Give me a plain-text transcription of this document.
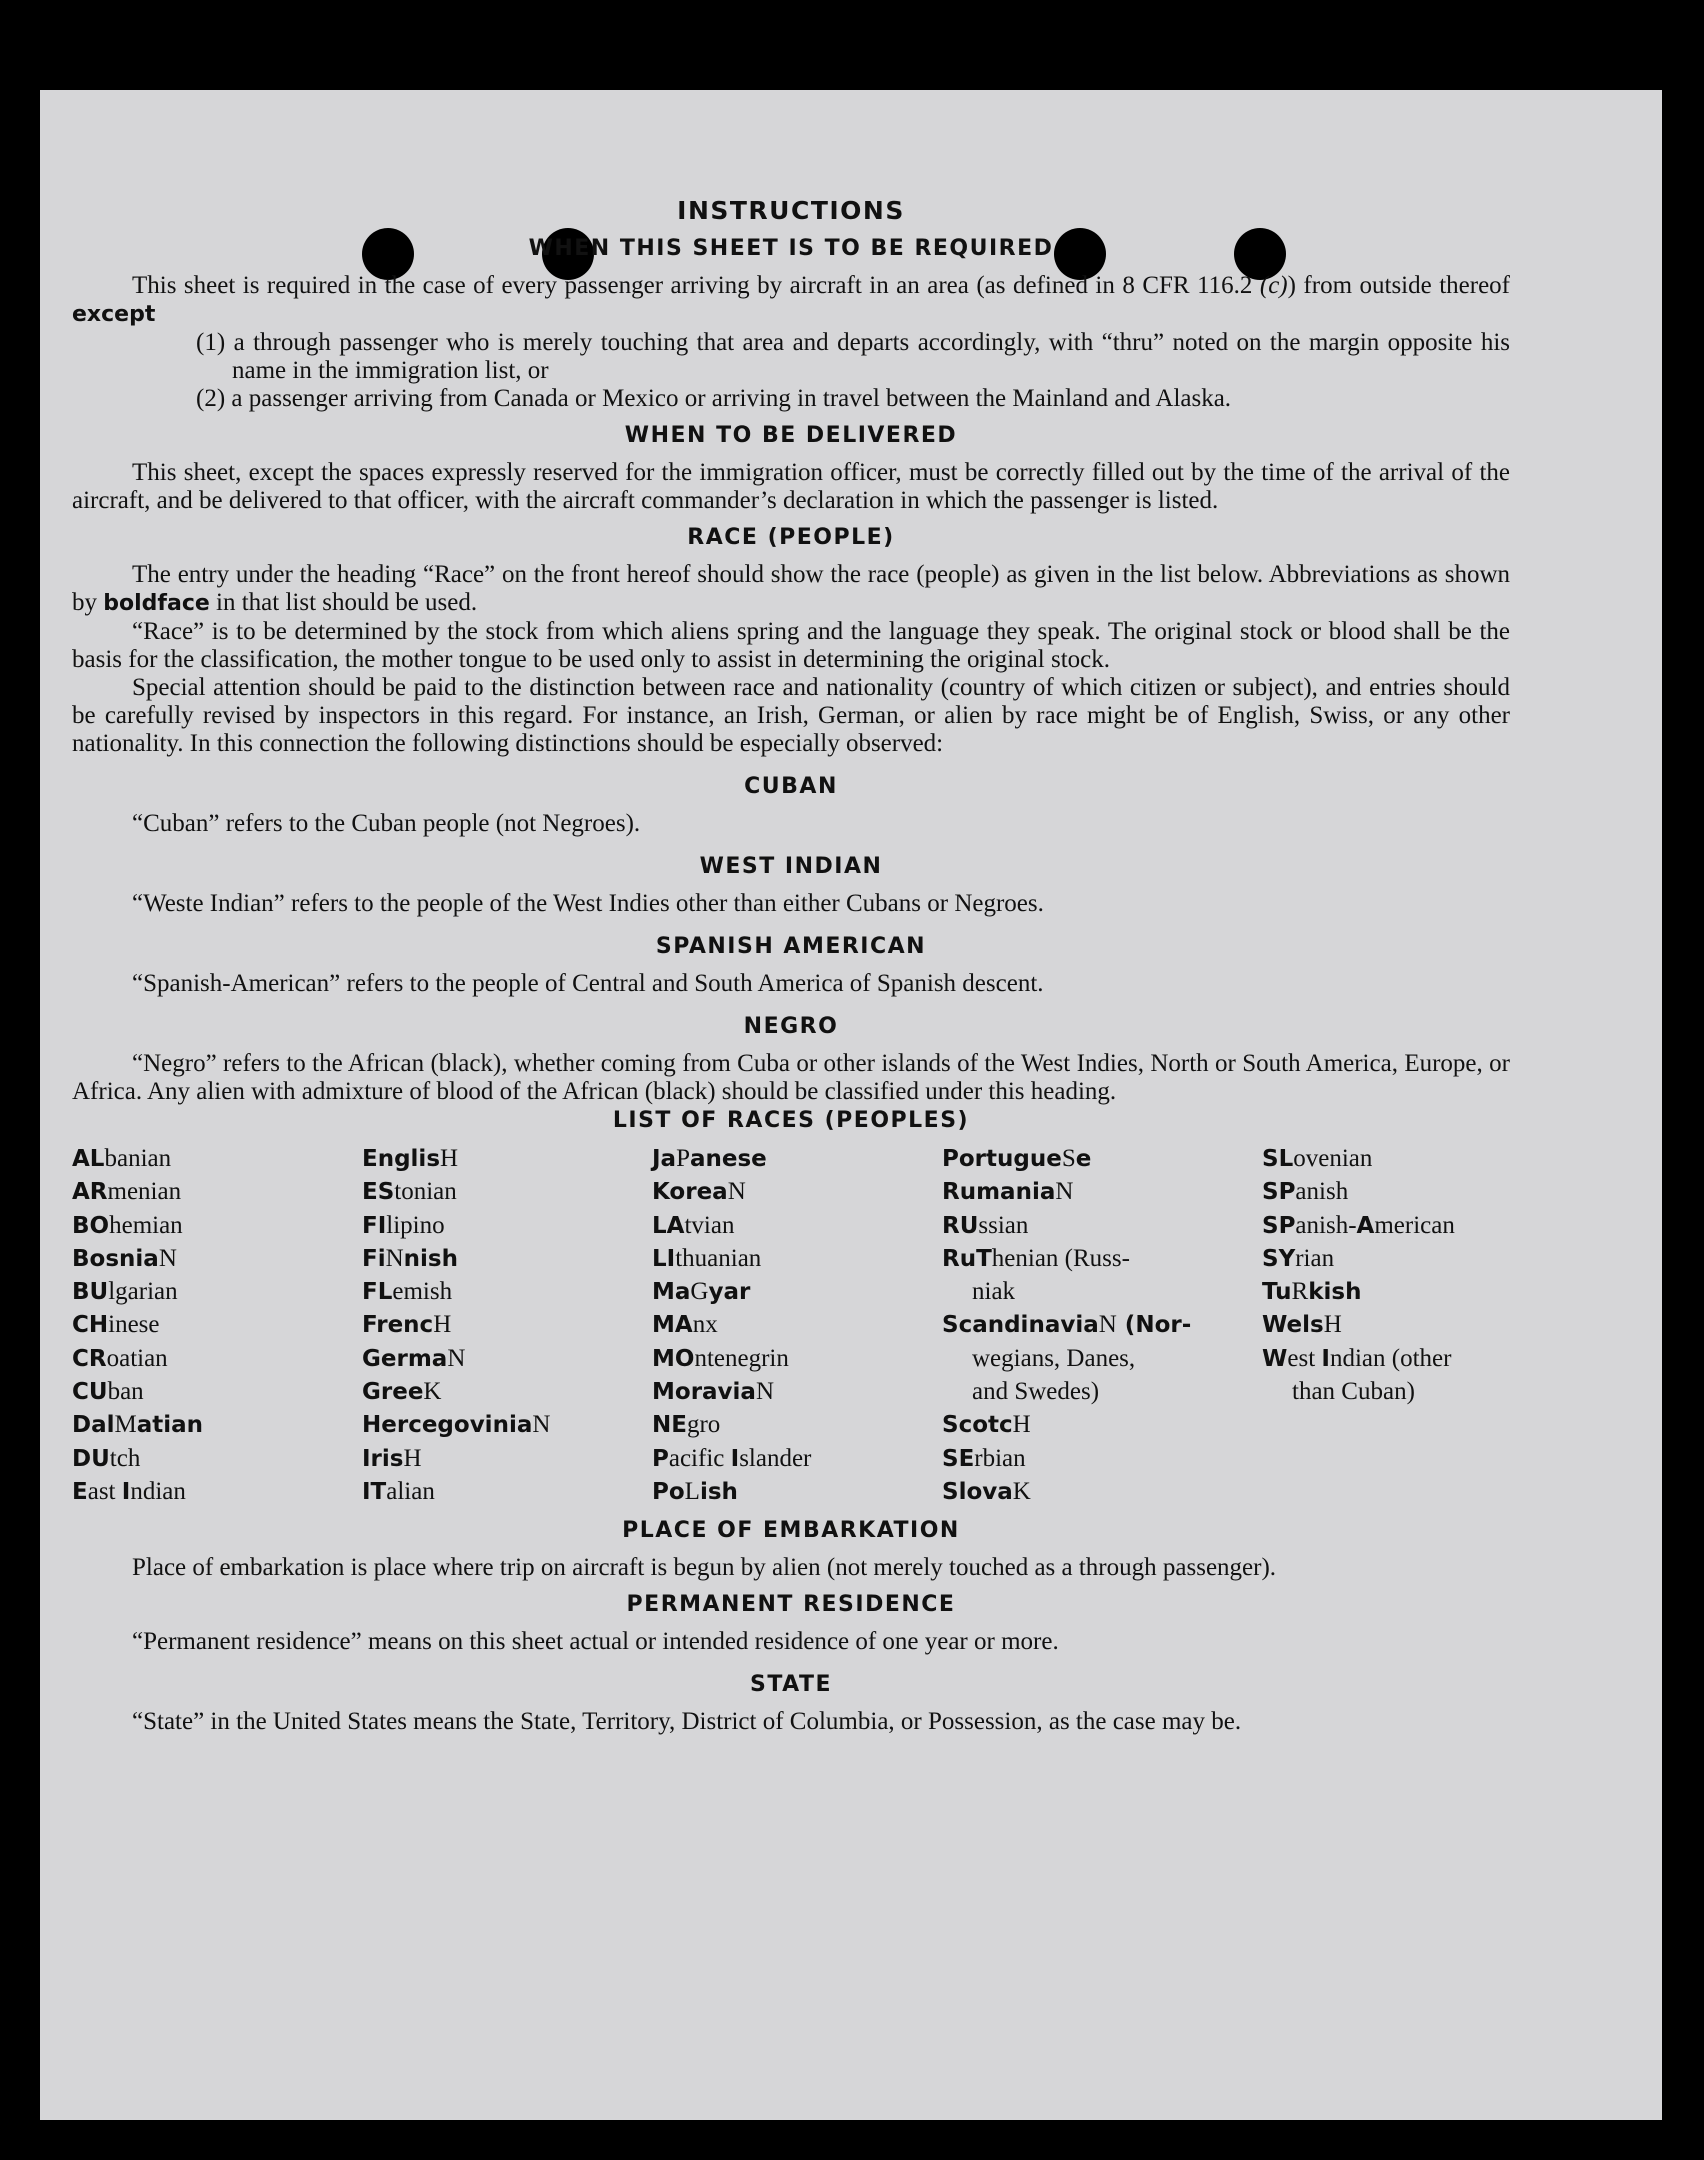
INSTRUCTIONS
WHEN THIS SHEET IS TO BE REQUIRED

This sheet is required in the case of every passenger arriving by aircraft in an area (as defined in 8 CFR 116.2 (c)) from outside thereof except

(1) a through passenger who is merely touching that area and departs accordingly, with “thru” noted on the margin opposite his name in the immigration list, or

(2) a passenger arriving from Canada or Mexico or arriving in travel between the Mainland and Alaska.

WHEN TO BE DELIVERED

This sheet, except the spaces expressly reserved for the immigration officer, must be correctly filled out by the time of the arrival of the aircraft, and be delivered to that officer, with the aircraft commander’s declaration in which the passenger is listed.

RACE (PEOPLE)

The entry under the heading “Race” on the front hereof should show the race (people) as given in the list below. Abbreviations as shown by boldface in that list should be used.

“Race” is to be determined by the stock from which aliens spring and the language they speak. The original stock or blood shall be the basis for the classification, the mother tongue to be used only to assist in determining the original stock.

Special attention should be paid to the distinction between race and nationality (country of which citizen or subject), and entries should be carefully revised by inspectors in this regard. For instance, an Irish, German, or alien by race might be of English, Swiss, or any other nationality. In this connection the following distinctions should be especially observed:

CUBAN

“Cuban” refers to the Cuban people (not Negroes).

WEST INDIAN

“Weste Indian” refers to the people of the West Indies other than either Cubans or Negroes.

SPANISH AMERICAN

“Spanish-American” refers to the people of Central and South America of Spanish descent.

NEGRO

“Negro” refers to the African (black), whether coming from Cuba or other islands of the West Indies, North or South America, Europe, or Africa. Any alien with admixture of blood of the African (black) should be classified under this heading.

LIST OF RACES (PEOPLES)
ALbanian
ARmenian
BOhemian
BosniaN
BUlgarian
CHinese
CRoatian
CUban
DalMatian
DUtch
East Indian
EnglisH
EStonian
FIlipino
FiNnish
FLemish
FrencH
GermaN
GreeK
HercegoviniaN
IrisH
ITalian
JaPanese
KoreaN
LAtvian
LIthuanian
MaGyar
MAnx
MOntenegrin
MoraviaN
NEgro
Pacific Islander
PoLish
PortugueSe
RumaniaN
RUssian
RuThenian (Russ-
niak
ScandinaviaN (Nor-
wegians, Danes,
and Swedes)
ScotcH
SErbian
SlovaK
SLovenian
SPanish
SPanish-American
SYrian
TuRkish
WelsH
West Indian (other
than Cuban)
PLACE OF EMBARKATION

Place of embarkation is place where trip on aircraft is begun by alien (not merely touched as a through passenger).

PERMANENT RESIDENCE

“Permanent residence” means on this sheet actual or intended residence of one year or more.

STATE

“State” in the United States means the State, Territory, District of Columbia, or Possession, as the case may be.
